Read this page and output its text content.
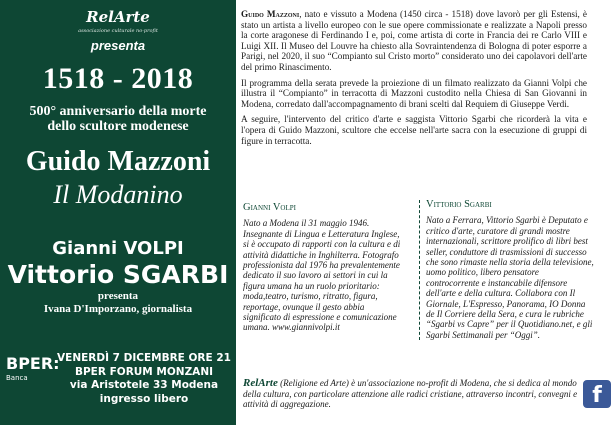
RelArte
associazione culturale no-profit
presenta
1518 - 2018
500° anniversario della morte
dello scultore modenese
Guido Mazzoni
Il Modanino
Gianni VOLPI
Vittorio SGARBI
presenta
Ivana D'Imporzano, giornalista
BPER:
Banca
VENERDÌ 7 DICEMBRE ORE 21
BPER FORUM MONZANI
via Aristotele 33 Modena
ingresso libero

Guido Mazzoni, nato e vissuto a Modena (1450 circa - 1518) dove lavorò per gli Estensi, è stato un artista a livello europeo con le sue opere commissionate e realizzate a Napoli presso la corte aragonese di Ferdinando I e, poi, come artista di corte in Francia dei re Carlo VIII e Luigi XII. Il Museo del Louvre ha chiesto alla Sovraintendenza di Bologna di poter esporre a Parigi, nel 2020, il suo “Compianto sul Cristo morto” considerato uno dei capolavori dell'arte del primo Rinascimento.

Il programma della serata prevede la proiezione di un filmato realizzato da Gianni Volpi che illustra il “Compianto” in terracotta di Mazzoni custodito nella Chiesa di San Giovanni in Modena, corredato dall'accompagnamento di brani scelti dal Requiem di Giuseppe Verdi.

A seguire, l'intervento del critico d'arte e saggista Vittorio Sgarbi che ricorderà la vita e l'opera di Guido Mazzoni, scultore che eccelse nell'arte sacra con la esecuzione di gruppi di figure in terracotta.

Gianni Volpi
Nato a Modena il 31 maggio 1946. Insegnante di Lingua e Letteratura Inglese, si è occupato di rapporti con la cultura e di attività didattiche in Inghilterra. Fotografo professionista dal 1976 ha prevalentemente dedicato il suo lavoro ai settori in cui la figura umana ha un ruolo prioritario: moda,teatro, turismo, ritratto, figura, reportage, ovunque il gesto abbia significato di espressione e comunicazione umana. www.giannivolpi.it
Vittorio Sgarbi
Nato a Ferrara, Vittorio Sgarbi è Deputato e critico d'arte, curatore di grandi mostre internazionali, scrittore prolifico di libri best seller, conduttore di trasmissioni di successo che sono rimaste nella storia della televisione, uomo politico, libero pensatore controcorrente e instancabile difensore dell'arte e della cultura. Collabora con Il Giornale, L'Espresso, Panorama, IO Donna de Il Corriere della Sera, e cura le rubriche “Sgarbi vs Capre” per il Quotidiano.net, e gli Sgarbi Settimanali per “Oggi”.
RelArte (Religione ed Arte) è un'associazione no-profit di Modena, che si dedica al mondo della cultura, con particolare attenzione alle radici cristiane, attraverso incontri, convegni e attività di aggregazione.	f
